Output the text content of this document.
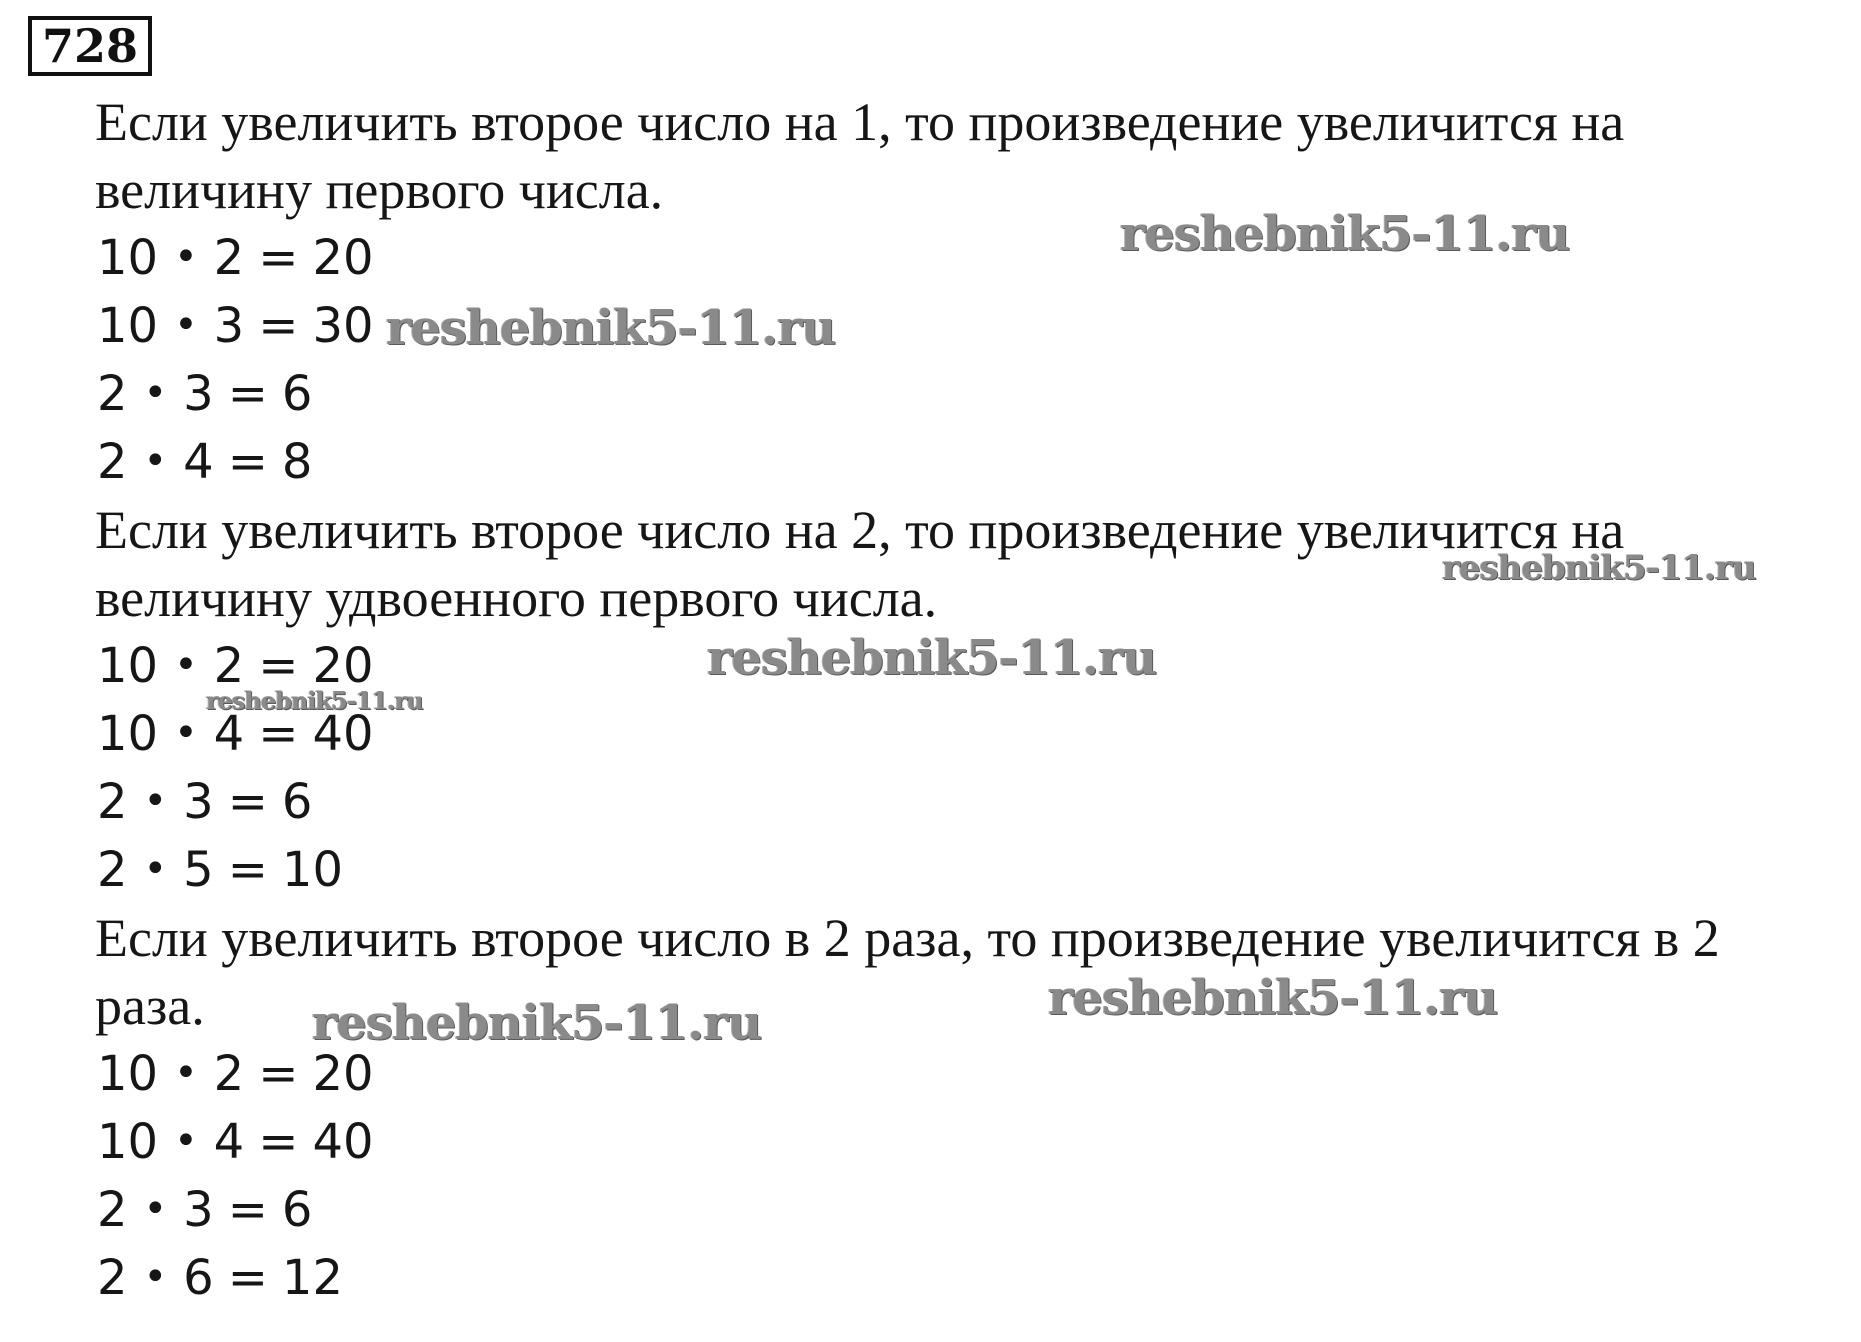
728
Если увеличить второе число на 1, то произведение увеличится на
величину первого числа.
10 • 2 = 20
10 • 3 = 30
2 • 3 = 6
2 • 4 = 8
Если увеличить второе число на 2, то произведение увеличится на
величину удвоенного первого числа.
10 • 2 = 20
10 • 4 = 40
2 • 3 = 6
2 • 5 = 10
Если увеличить второе число в 2 раза, то произведение увеличится в 2
раза.
10 • 2 = 20
10 • 4 = 40
2 • 3 = 6
2 • 6 = 12
reshebnik5-11.ru
reshebnik5-11.ru
reshebnik5-11.ru
reshebnik5-11.ru
reshebnik5-11.ru
reshebnik5-11.ru
reshebnik5-11.ru
